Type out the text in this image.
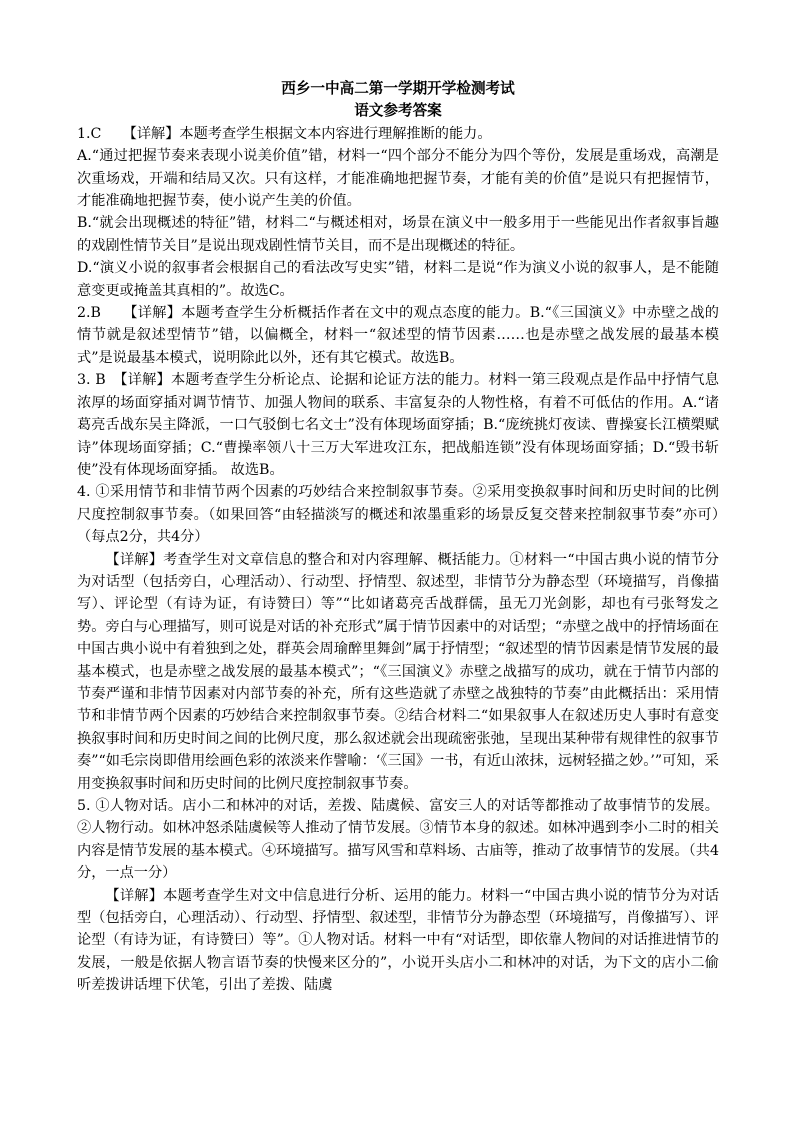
西乡一中高二第一学期开学检测考试

语文参考答案

1.C　　【详解】本题考查学生根据文本内容进行理解推断的能力。

A.“通过把握节奏来表现小说美价值”错，材料一“四个部分不能分为四个等份，发展是重场戏，高潮是次重场戏，开端和结局又次。只有这样，才能准确地把握节奏，才能有美的价值”是说只有把握情节，才能准确地把握节奏，使小说产生美的价值。

B.“就会出现概述的特征”错，材料二“与概述相对，场景在演义中一般多用于一些能见出作者叙事旨趣的戏剧性情节关目”是说出现戏剧性情节关目，而不是出现概述的特征。

D.“演义小说的叙事者会根据自己的看法改写史实”错，材料二是说“作为演义小说的叙事人，是不能随意变更或掩盖其真相的”。故选C。

2.B　　【详解】本题考查学生分析概括作者在文中的观点态度的能力。B.“《三国演义》中赤壁之战的情节就是叙述型情节”错，以偏概全，材料一“叙述型的情节因素……也是赤壁之战发展的最基本模式”是说最基本模式，说明除此以外，还有其它模式。故选B。

3. B　【详解】本题考查学生分析论点、论据和论证方法的能力。材料一第三段观点是作品中抒情气息浓厚的场面穿插对调节情节、加强人物间的联系、丰富复杂的人物性格，有着不可低估的作用。A.“诸葛亮舌战东吴主降派，一口气驳倒七名文士”没有体现场面穿插；B.“庞统挑灯夜读、曹操宴长江横槊赋诗”体现场面穿插；C.“曹操率领八十三万大军进攻江东，把战船连锁”没有体现场面穿插；D.“毁书斩使”没有体现场面穿插。 故选B。

4. ①采用情节和非情节两个因素的巧妙结合来控制叙事节奏。②采用变换叙事时间和历史时间的比例尺度控制叙事节奏。（如果回答“由轻描淡写的概述和浓墨重彩的场景反复交替来控制叙事节奏”亦可）　（每点2分，共4分）

【详解】考查学生对文章信息的整合和对内容理解、概括能力。①材料一“中国古典小说的情节分为对话型（包括旁白，心理活动）、行动型、抒情型、叙述型，非情节分为静态型（环境描写，肖像描写）、评论型（有诗为证，有诗赞曰）等”“比如诸葛亮舌战群儒，虽无刀光剑影，却也有弓张弩发之势。旁白与心理描写，则可说是对话的补充形式”属于情节因素中的对话型；“赤壁之战中的抒情场面在中国古典小说中有着独到之处，群英会周瑜醉里舞剑”属于抒情型；“叙述型的情节因素是情节发展的最基本模式，也是赤壁之战发展的最基本模式”；“《三国演义》赤壁之战描写的成功，就在于情节内部的节奏严谨和非情节因素对内部节奏的补充，所有这些造就了赤壁之战独特的节奏”由此概括出：采用情节和非情节两个因素的巧妙结合来控制叙事节奏。②结合材料二“如果叙事人在叙述历史人事时有意变换叙事时间和历史时间之间的比例尺度，那么叙述就会出现疏密张弛，呈现出某种带有规律性的叙事节奏”“如毛宗岗即借用绘画色彩的浓淡来作譬喻：‘《三国》一书，有近山浓抹，远树轻描之妙。’”可知，采用变换叙事时间和历史时间的比例尺度控制叙事节奏。

5. ①人物对话。店小二和林冲的对话，差拨、陆虞候、富安三人的对话等都推动了故事情节的发展。②人物行动。如林冲怒杀陆虞候等人推动了情节发展。③情节本身的叙述。如林冲遇到李小二时的相关内容是情节发展的基本模式。④环境描写。描写风雪和草料场、古庙等，推动了故事情节的发展。（共4分，一点一分）

【详解】本题考查学生对文中信息进行分析、运用的能力。材料一“中国古典小说的情节分为对话型（包括旁白，心理活动）、行动型、抒情型、叙述型，非情节分为静态型（环境描写，肖像描写）、评论型（有诗为证，有诗赞曰）等”。①人物对话。材料一中有“对话型，即依靠人物间的对话推进情节的发展，一般是依据人物言语节奏的快慢来区分的”，小说开头店小二和林冲的对话，为下文的店小二偷听差拨讲话埋下伏笔，引出了差拨、陆虞
